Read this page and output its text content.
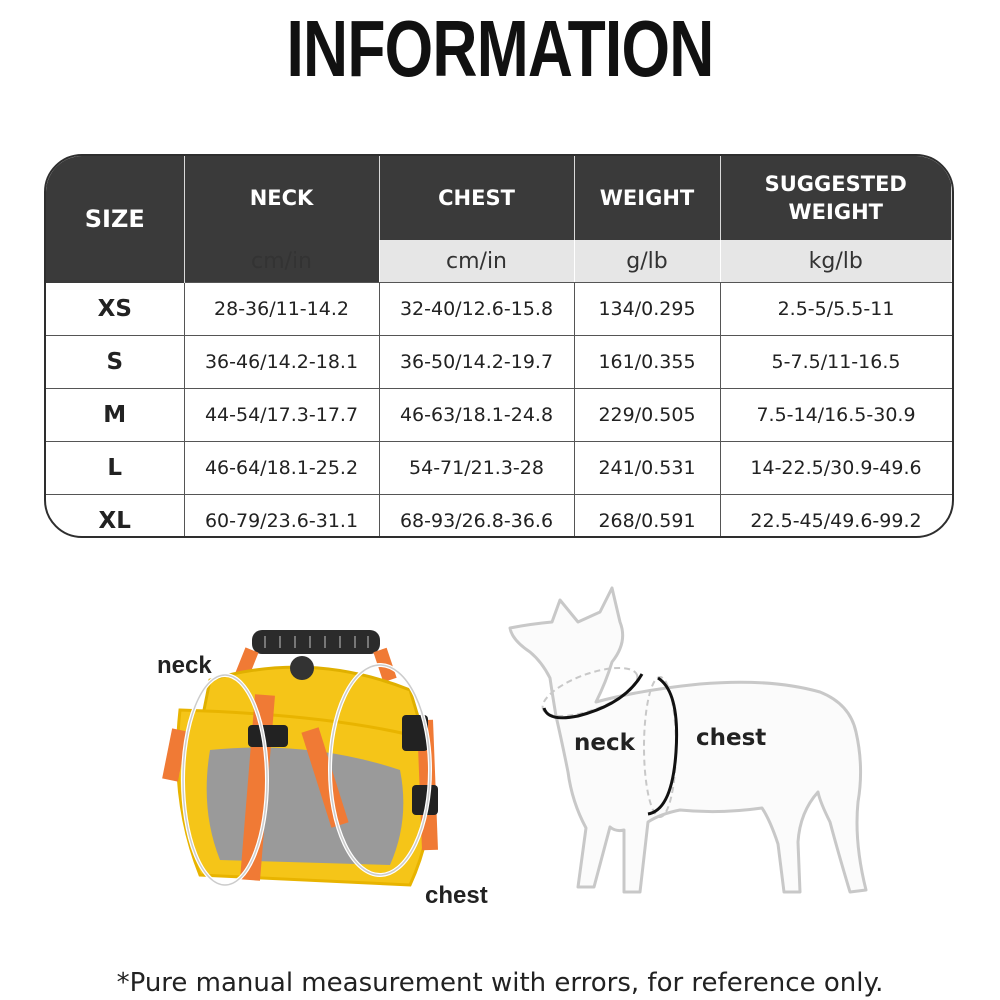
INFORMATION
SIZE	NECK	CHEST	WEIGHT	SUGGESTED
WEIGHT
	cm/in	cm/in	g/lb	kg/lb
XS	28-36/11-14.2	32-40/12.6-15.8	134/0.295	2.5-5/5.5-11
S	36-46/14.2-18.1	36-50/14.2-19.7	161/0.355	5-7.5/11-16.5
M	44-54/17.3-17.7	46-63/18.1-24.8	229/0.505	7.5-14/16.5-30.9
L	46-64/18.1-25.2	54-71/21.3-28	241/0.531	14-22.5/30.9-49.6
XL	60-79/23.6-31.1	68-93/26.8-36.6	268/0.591	22.5-45/49.6-99.2
neck
chest
neck	chest
*Pure manual measurement with errors, for reference only.
